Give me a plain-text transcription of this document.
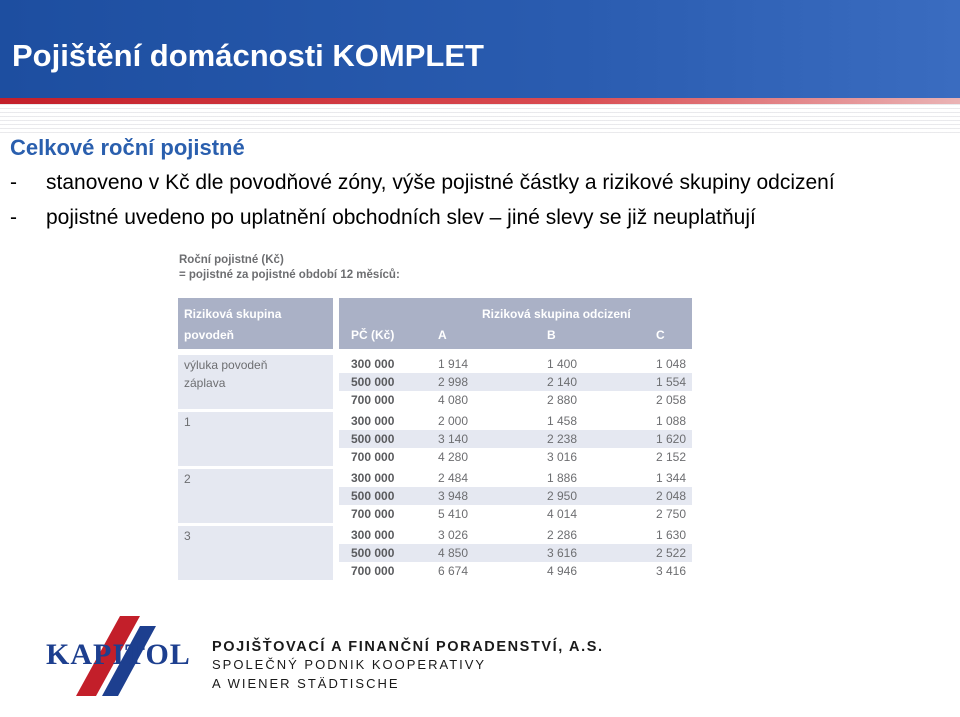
Pojištění domácnosti KOMPLET
Celkové roční pojistné
- stanoveno v Kč dle povodňové zóny, výše pojistné částky a rizikové skupiny odcizení
- pojistné uvedeno po uplatnění obchodních slev – jiné slevy se již neuplatňují
Roční pojistné (Kč)
= pojistné za pojistné období 12 měsíců:
Riziková skupina
povodeň
Riziková skupina odcizení
PČ (Kč)	A	B	C
výluka povodeň
záplava
300 000	1 914	1 400	1 048
500 000	2 998	2 140	1 554
700 000	4 080	2 880	2 058
1	300 000	2 000	1 458	1 088
500 000	3 140	2 238	1 620
700 000	4 280	3 016	2 152
2	300 000	2 484	1 886	1 344
500 000	3 948	2 950	2 048
700 000	5 410	4 014	2 750
3	300 000	3 026	2 286	1 630
500 000	4 850	3 616	2 522
700 000	6 674	4 946	3 416
KAPITOL POJIŠŤOVACÍ A FINANČNÍ PORADENSTVÍ, A.S.
SPOLEČNÝ PODNIK KOOPERATIVY
A WIENER STÄDTISCHE
